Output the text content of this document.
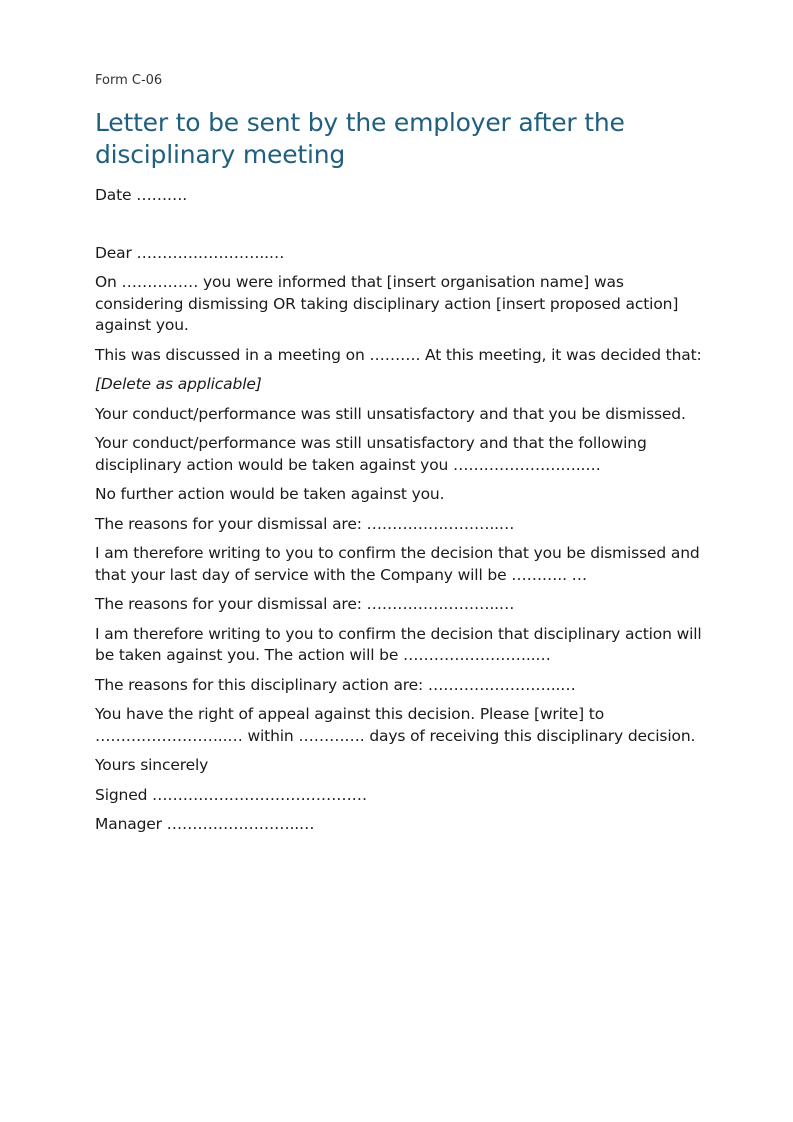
Form C-06
Letter to be sent by the employer after the disciplinary meeting

Date ……….

Dear ……………………..…

On …………… you were informed that [insert organisation name] was considering dismissing OR taking disciplinary action [insert proposed action] against you.

This was discussed in a meeting on ………. At this meeting, it was decided that:

[Delete as applicable]

Your conduct/performance was still unsatisfactory and that you be dismissed.

Your conduct/performance was still unsatisfactory and that the following disciplinary action would be taken against you ……………………..…

No further action would be taken against you.

The reasons for your dismissal are: ……………………..…

I am therefore writing to you to confirm the decision that you be dismissed and that your last day of service with the Company will be ……….. …

The reasons for your dismissal are: ……………………..…

I am therefore writing to you to confirm the decision that disciplinary action will be taken against you. The action will be ……………………..…

The reasons for this disciplinary action are: ……………………..…

You have the right of appeal against this decision. Please [write] to ……………………..… within …………. days of receiving this disciplinary decision.

Yours sincerely

Signed ……………………………………

Manager ……………………..…
